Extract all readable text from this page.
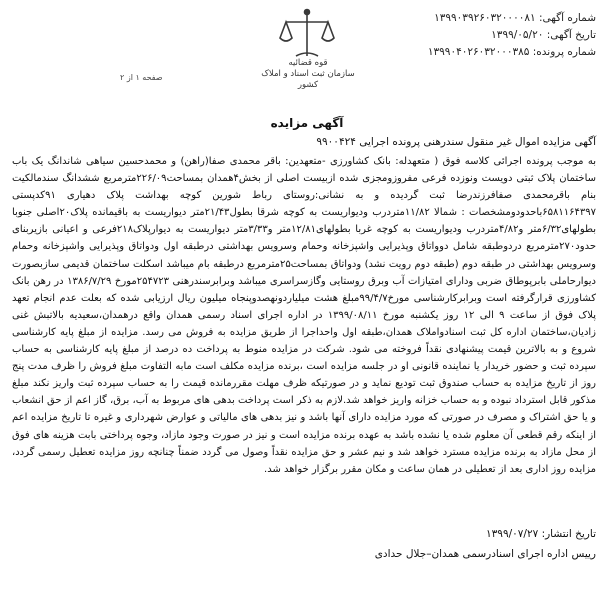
شماره آگهی: ۱۳۹۹۰۳۹۲۶۰۳۲۰۰۰۰۸۱
تاریخ آگهی: ۱۳۹۹/۰۵/۲۰
شماره پرونده: ۱۳۹۹۰۴۰۲۶۰۳۲۰۰۰۳۸۵
قوه قضائیه
سازمان ثبت اسناد و املاک کشور
صفحه ۱ از ۲
آگهی مزایده
آگهی مزایده اموال غیر منقول سندرهنی پرونده اجرایی ۹۹۰۰۴۲۴

به موجب پرونده اجرائی کلاسه فوق ( متعهدله: بانک کشاورزی -متعهدین: باقر محمدی صفا(راهن) و محمدحسین سیاهی شاندانگ یک باب ساختمان پلاک ثبتی دویست ونوزده فرعی مفروزومجزی شده ازبیست اصلی از بخش۴همدان بمساحت۲۲۶/۰۹مترمربع ششدانگ سندمالکیت بنام باقرمحمدی صفافرزندرضا ثبت گردیده و به نشانی:روستای رباط شورین کوچه بهداشت پلاک دهیاری ۹۱کدپستی ۶۵۸۱۱۶۴۳۹۷باحدودومشخصات : شمالا ۱۱/۸۲متردرب ودیواریست به کوچه شرقا بطول۲۱/۴۳متر دیواریست به باقیمانده پلاک۲۰اصلی جنوبا بطولهای۶/۳۲متر و۴/۸۲متردرب ودیواریست به کوچه غربا بطولهای۱۲/۸۱متر و۳/۳۳متر دیواریست به دیوارپلاک۲۱۸فرعی و اعیانی بازیربنای حدود۲۷۰مترمربع دردوطبقه شامل دوواتاق وپذیرایی واشپزخانه وحمام وسرویس بهداشتی درطبقه اول ودواتاق وپذیرایی واشپزخانه وحمام وسرویس بهداشتی در طبقه دوم (طبقه دوم رویت نشد) ودواتاق بمساحت۲۵مترمربع درطبقه بام میباشد اسکلت ساختمان قدیمی سازبصورت دیوارحاملی بابرپوطاق ضربی ودارای امتیازات آب وبرق روستایی وگازسراسری میباشد وبرابرسندرهنی ۲۵۴۷۲۳مورخ ۱۳۸۶/۷/۲۹ در رهن بانک کشاورزی قرارگرفته است وبرابرکارشناسی مورخ۹۹/۴/۷مبلغ هشت میلیاردونهصدوپنجاه میلیون ریال ارزیابی شده که بعلت عدم انجام تعهد پلاک فوق از ساعت ۹ الی ۱۲ روز یکشنبه مورخ ۱۳۹۹/۰۸/۱۱ در اداره اجرای اسناد رسمی همدان واقع درهمدان،سعیدیه بالاتبش غنی زادیان،ساختمان اداره کل ثبت اسنادواملاک همدان،طبقه اول واحداجرا از طریق مزایده به فروش می رسد. مزایده از مبلغ پایه کارشناسی شروع و به بالاترین قیمت پیشنهادی نقداً فروخته می شود. شرکت در مزایده منوط به پرداخت ده درصد از مبلغ پایه کارشناسی به حساب سپرده ثبت و حضور خریدار یا نماینده قانونی او در جلسه مزایده است ،برنده مزایده مکلف است مابه التفاوت مبلغ فروش را ظرف مدت پنج روز از تاریخ مزایده به حساب صندوق ثبت تودیع نماید و در صورتیکه ظرف مهلت مقررمانده قیمت را به حساب سپرده ثبت واریز نکند مبلغ مذکور قابل استرداد نبوده و به حساب خزانه واریز خواهد شد.لازم به ذکر است پرداخت بدهی های مربوط به آب، برق، گاز اعم از حق انشعاب و یا حق اشتراک و مصرف در صورتی که مورد مزایده دارای آنها باشد و نیز بدهی های مالیاتی و عوارض شهرداری و غیره تا تاریخ مزایده اعم از اینکه رقم قطعی آن معلوم شده یا نشده باشد به عهده برنده مزایده است و نیز در صورت وجود مازاد، وجوه پرداختی بابت هزینه های فوق از محل مازاد به برنده مزایده مسترد خواهد شد و نیم عشر و حق مزایده نقداً وصول می گردد ضمناً چنانچه روز مزایده تعطیل رسمی گردد، مزایده روز اداری بعد از تعطیلی در همان ساعت و مکان مقرر برگزار خواهد شد.

تاریخ انتشار: ۱۳۹۹/۰۷/۲۷
رییس اداره اجرای اسنادرسمی همدان–جلال حدادی
